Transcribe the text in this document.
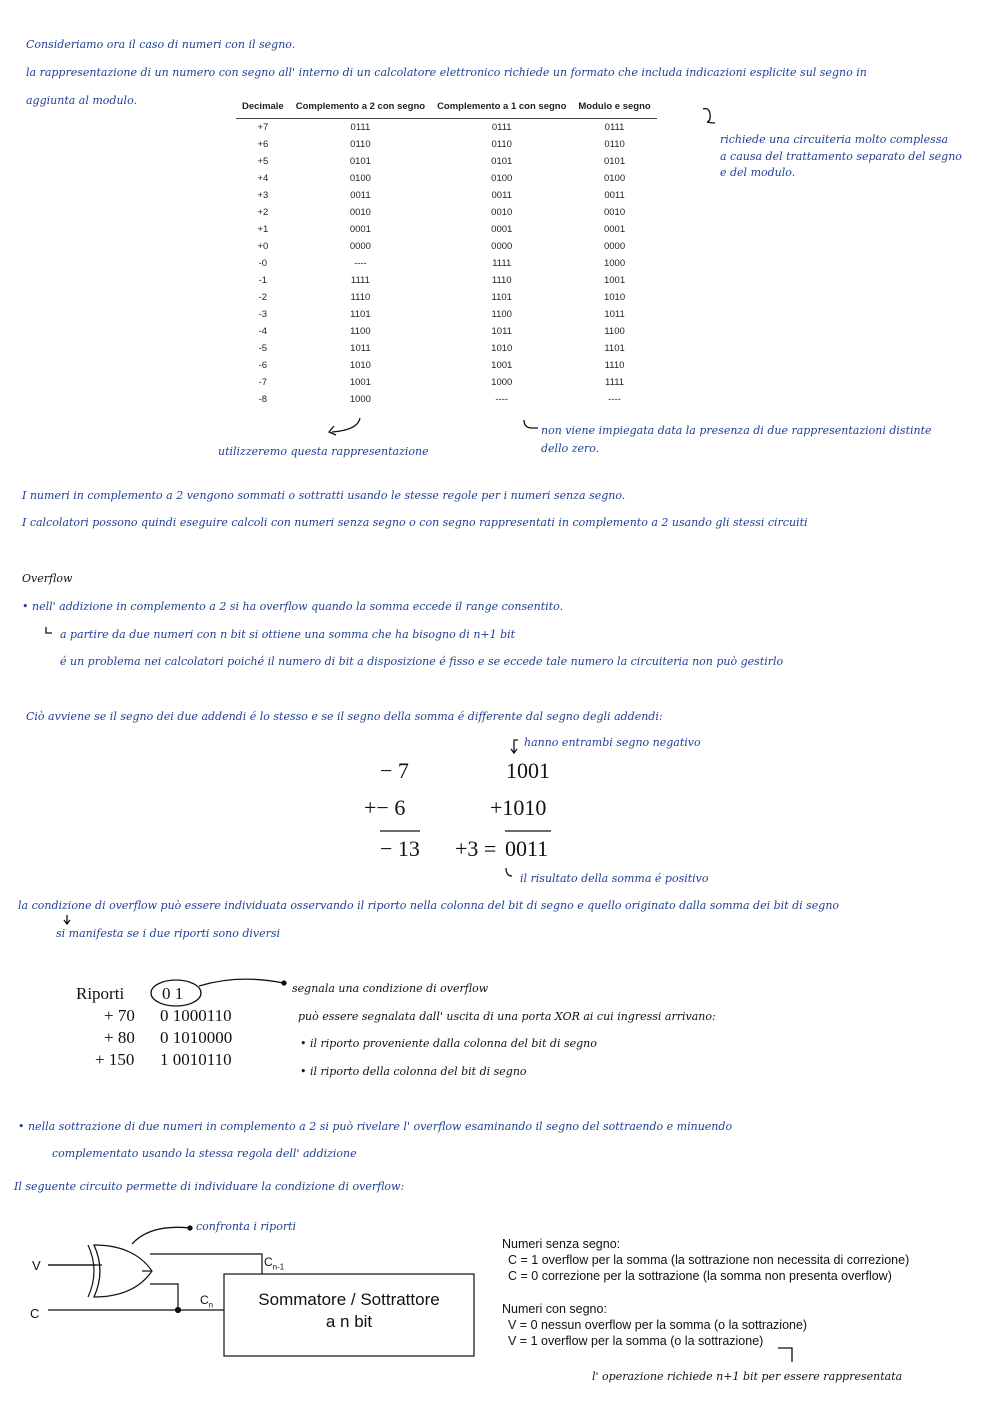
Consideriamo ora il caso di numeri con il segno.
la rappresentazione di un numero con segno all' interno di un calcolatore elettronico richiede un formato che includa indicazioni esplicite sul segno in
aggiunta al modulo.	Decimale	Complemento a 2 con segno	Complemento a 1 con segno	Modulo e segno
+7	0111	0111	0111
+6	0110	0110	0110
+5	0101	0101	0101
+4	0100	0100	0100
+3	0011	0011	0011
+2	0010	0010	0010
+1	0001	0001	0001
+0	0000	0000	0000
-0	----	1111	1000
-1	1111	1110	1001
-2	1110	1101	1010
-3	1101	1100	1011
-4	1100	1011	1100
-5	1011	1010	1101
-6	1010	1001	1110
-7	1001	1000	1111
-8	1000	----	----
richiede una circuiteria molto complessa
a causa del trattamento separato del segno
e del modulo.
utilizzeremo questa rappresentazione
non viene impiegata data la presenza di due rappresentazioni distinte
dello zero.
I numeri in complemento a 2 vengono sommati o sottratti usando le stesse regole per i numeri senza segno.
I calcolatori possono quindi eseguire calcoli con numeri senza segno o con segno rappresentati in complemento a 2 usando gli stessi circuiti
Overflow
• nell' addizione in complemento a 2 si ha overflow quando la somma eccede il range consentito.
a partire da due numeri con n bit si ottiene una somma che ha bisogno di n+1 bit
é un problema nei calcolatori poiché il numero di bit a disposizione é fisso e se eccede tale numero la circuiteria non può gestirlo
Ciò avviene se il segno dei due addendi é lo stesso e se il segno della somma é differente dal segno degli addendi:
hanno entrambi segno negativo
− 7	1001
+− 6	+1010
− 13 +3 = 0011
il risultato della somma é positivo
la condizione di overflow può essere individuata osservando il riporto nella colonna del bit di segno e quello originato dalla somma dei bit di segno
si manifesta se i due riporti sono diversi
Riporti 0 1
+ 70 0 1000110
+ 80 0 1010000
+ 150 1 0010110
segnala una condizione di overflow
può essere segnalata dall' uscita di una porta XOR ai cui ingressi arrivano:
• il riporto proveniente dalla colonna del bit di segno
• il riporto della colonna del bit di segno
• nella sottrazione di due numeri in complemento a 2 si può rivelare l' overflow esaminando il segno del sottraendo e minuendo
complementato usando la stessa regola dell' addizione
Il seguente circuito permette di individuare la condizione di overflow:
confronta i riporti
V
C
$C_{n-1}$
$C_n$	Sommatore / Sottrattore
a n bit
Numeri senza segno:
C = 1 overflow per la somma (la sottrazione non necessita di correzione)
C = 0 correzione per la sottrazione (la somma non presenta overflow)
Numeri con segno:
V = 0 nessun overflow per la somma (o la sottrazione)
V = 1 overflow per la somma (o la sottrazione)
l' operazione richiede n+1 bit per essere rappresentata
